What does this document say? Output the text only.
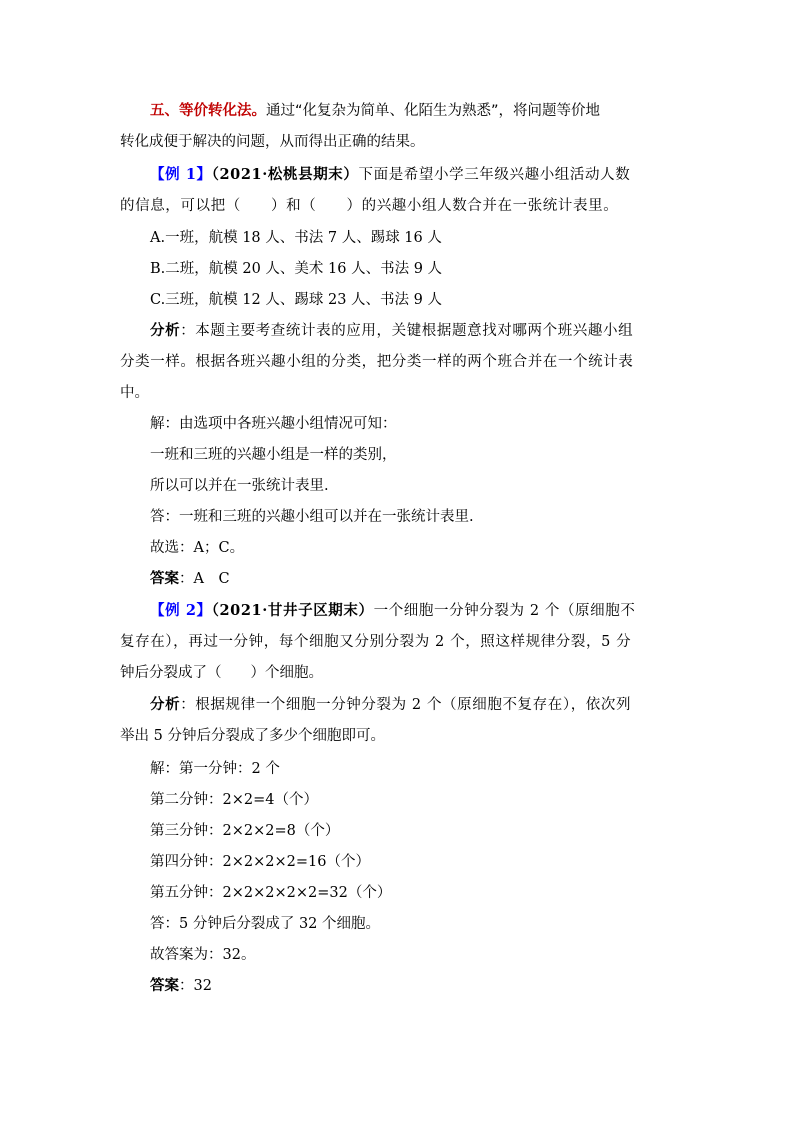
五、等价转化法。通过“化复杂为简单、化陌生为熟悉”，将问题等价地
转化成便于解决的问题，从而得出正确的结果。
【例 1】（2021·松桃县期末）下面是希望小学三年级兴趣小组活动人数
的信息，可以把（　　）和（　　）的兴趣小组人数合并在一张统计表里。
A.一班，航模 18 人、书法 7 人、踢球 16 人
B.二班，航模 20 人、美术 16 人、书法 9 人
C.三班，航模 12 人、踢球 23 人、书法 9 人
分析：本题主要考查统计表的应用，关键根据题意找对哪两个班兴趣小组
分类一样。根据各班兴趣小组的分类，把分类一样的两个班合并在一个统计表
中。
解：由选项中各班兴趣小组情况可知：
一班和三班的兴趣小组是一样的类别，
所以可以并在一张统计表里.
答：一班和三班的兴趣小组可以并在一张统计表里.
故选：A；C。
答案：A　C
【例 2】（2021·甘井子区期末）一个细胞一分钟分裂为 2 个（原细胞不
复存在），再过一分钟，每个细胞又分别分裂为 2 个，照这样规律分裂，5 分
钟后分裂成了（　　）个细胞。
分析：根据规律一个细胞一分钟分裂为 2 个（原细胞不复存在），依次列
举出 5 分钟后分裂成了多少个细胞即可。
解：第一分钟：2 个
第二分钟：2×2=4（个）
第三分钟：2×2×2=8（个）
第四分钟：2×2×2×2=16（个）
第五分钟：2×2×2×2×2=32（个）
答：5 分钟后分裂成了 32 个细胞。
故答案为：32。
答案：32
